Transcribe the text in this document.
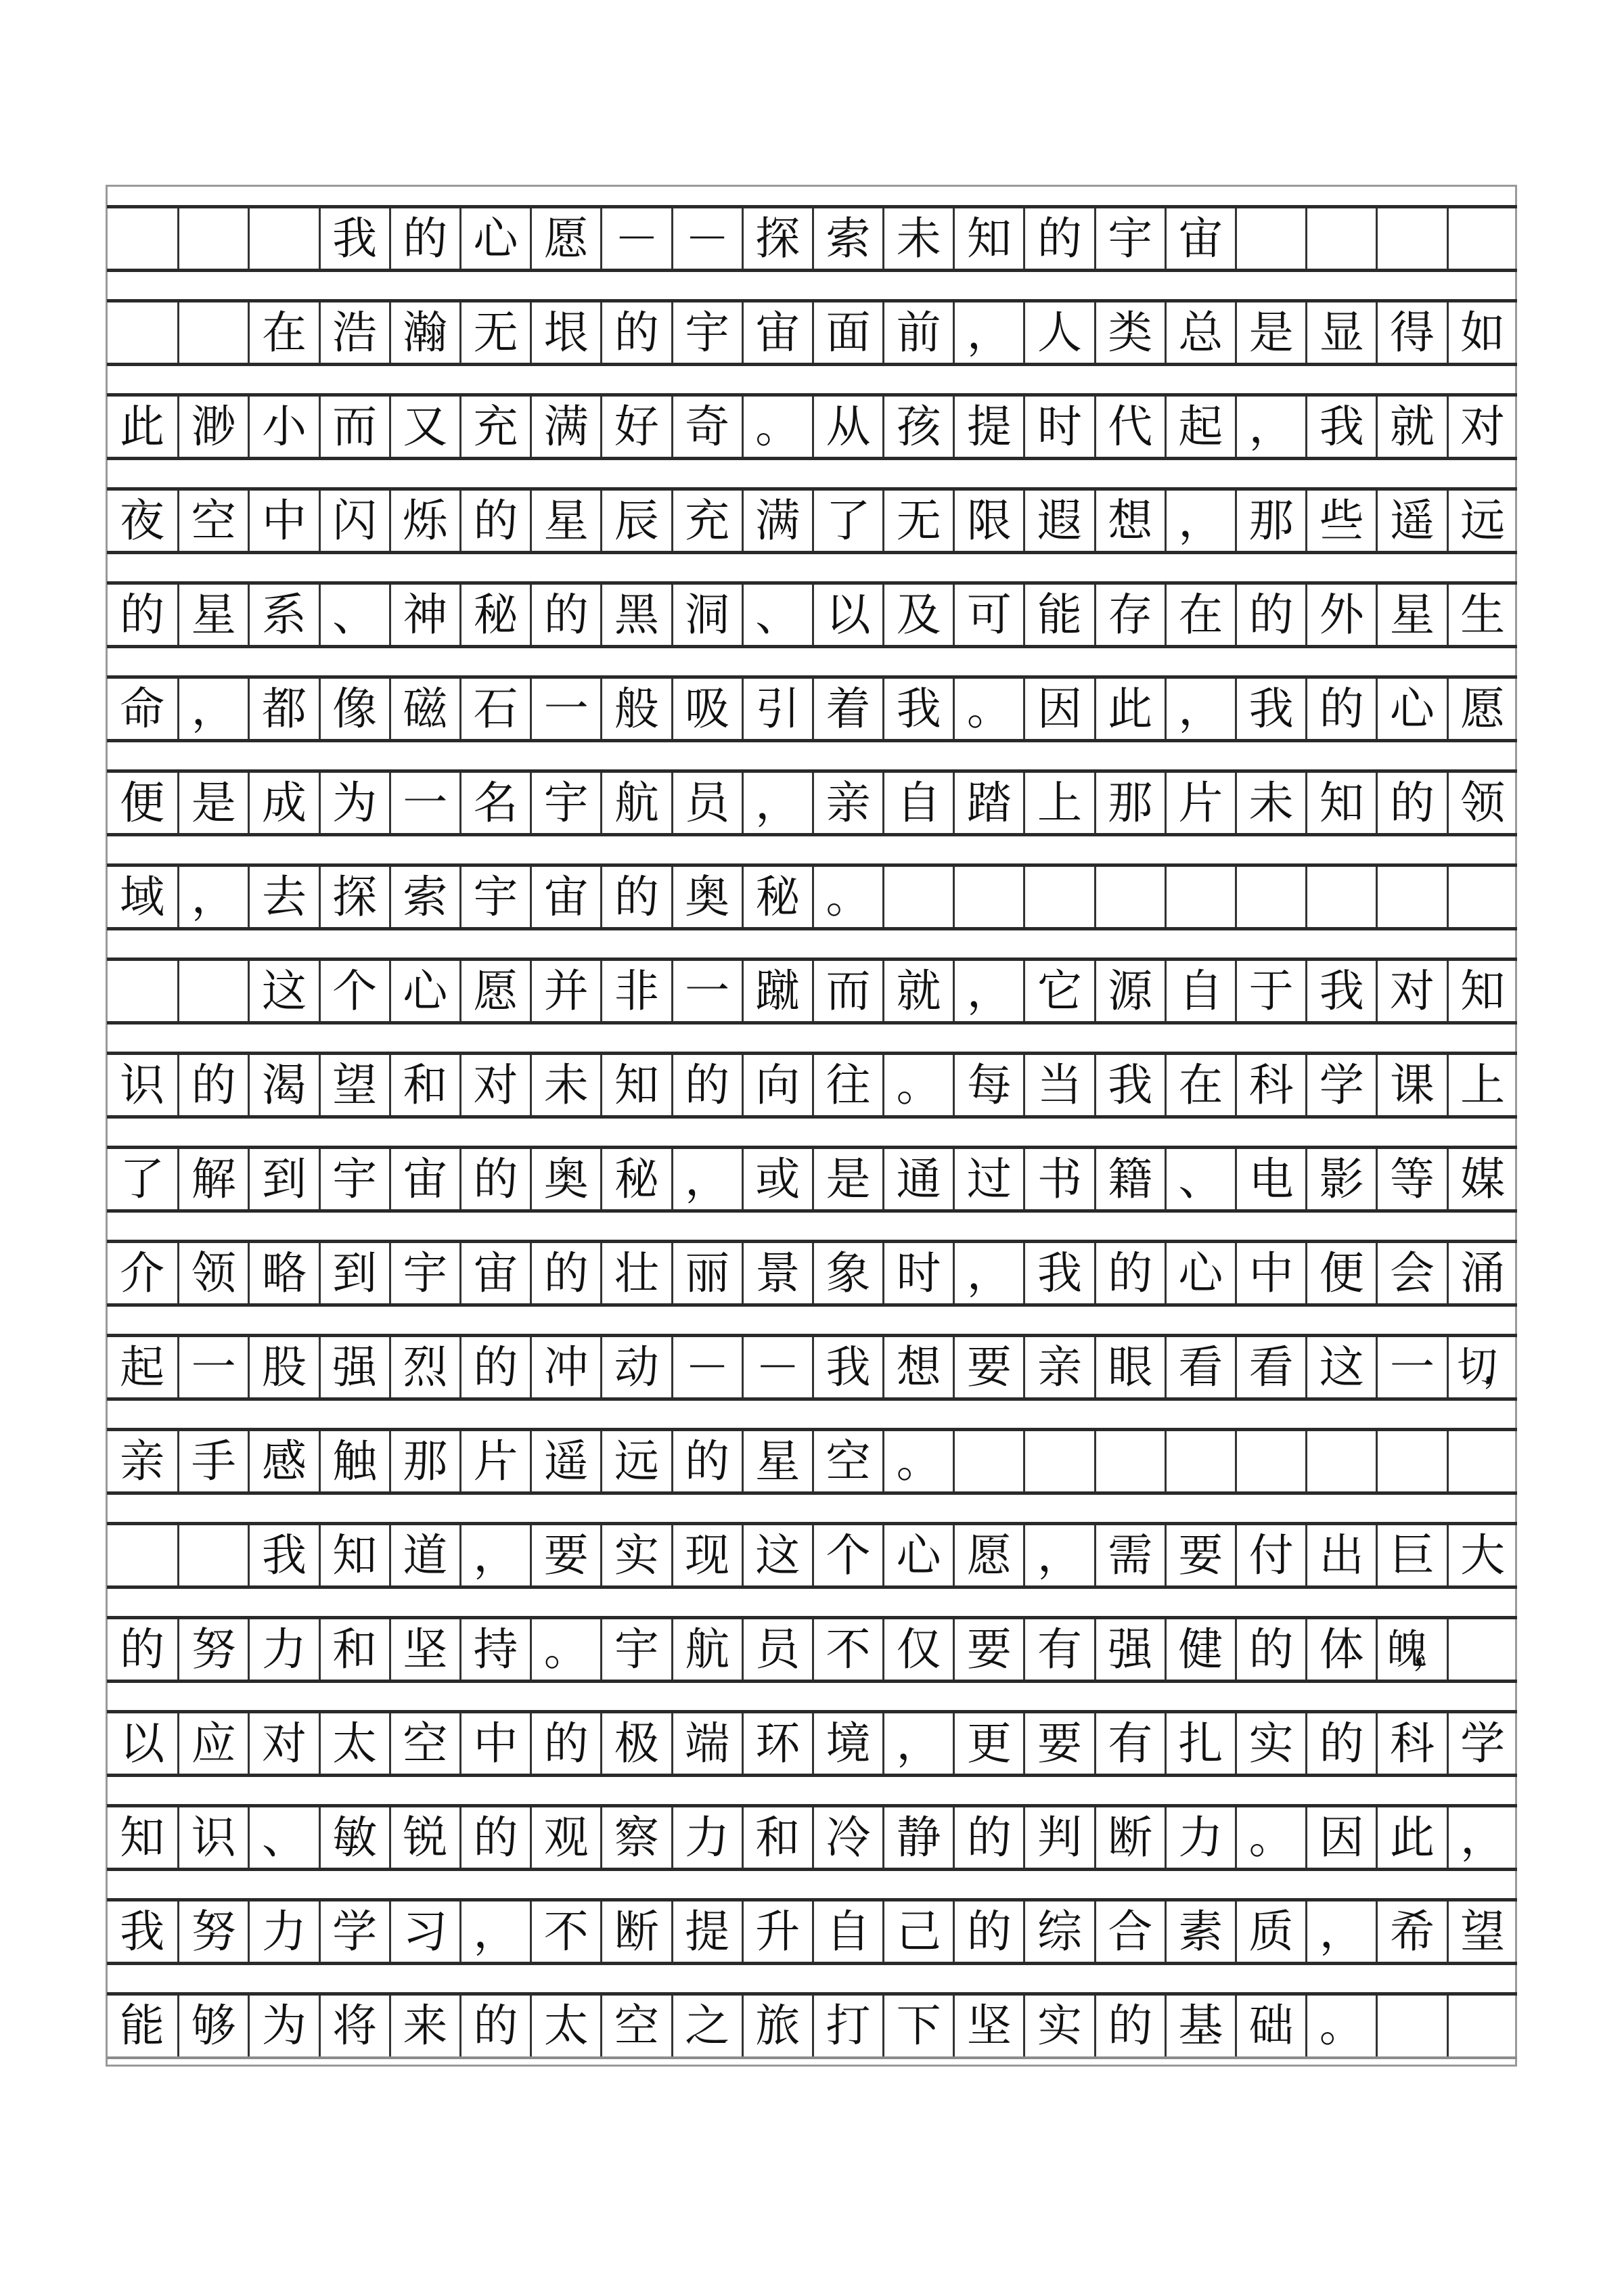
我 的 心 愿 － － 探 索 未 知 的 宇 宙
在 浩 瀚 无 垠 的 宇 宙 面 前 ， 人 类 总 是 显 得 如
此 渺 小 而 又 充 满 好 奇 。 从 孩 提 时 代 起 ， 我 就 对
夜 空 中 闪 烁 的 星 辰 充 满 了 无 限 遐 想 ， 那 些 遥 远
的 星 系 、 神 秘 的 黑 洞 、 以 及 可 能 存 在 的 外 星 生
命 ， 都 像 磁 石 一 般 吸 引 着 我 。 因 此 ， 我 的 心 愿
便 是 成 为 一 名 宇 航 员 ， 亲 自 踏 上 那 片 未 知 的 领
域 ， 去 探 索 宇 宙 的 奥 秘 。
这 个 心 愿 并 非 一 蹴 而 就 ， 它 源 自 于 我 对 知
识 的 渴 望 和 对 未 知 的 向 往 。 每 当 我 在 科 学 课 上
了 解 到 宇 宙 的 奥 秘 ， 或 是 通 过 书 籍 、 电 影 等 媒
介 领 略 到 宇 宙 的 壮 丽 景 象 时 ， 我 的 心 中 便 会 涌
起 一 股 强 烈 的 冲 动 － － 我 想 要 亲 眼 看 看 这 一 切，
亲 手 感 触 那 片 遥 远 的 星 空 。
我 知 道 ， 要 实 现 这 个 心 愿 ， 需 要 付 出 巨 大
的 努 力 和 坚 持 。 宇 航 员 不 仅 要 有 强 健 的 体 魄，
以 应 对 太 空 中 的 极 端 环 境 ， 更 要 有 扎 实 的 科 学
知 识 、 敏 锐 的 观 察 力 和 冷 静 的 判 断 力 。 因 此 ，
我 努 力 学 习 ， 不 断 提 升 自 己 的 综 合 素 质 ， 希 望
能 够 为 将 来 的 太 空 之 旅 打 下 坚 实 的 基 础 。
